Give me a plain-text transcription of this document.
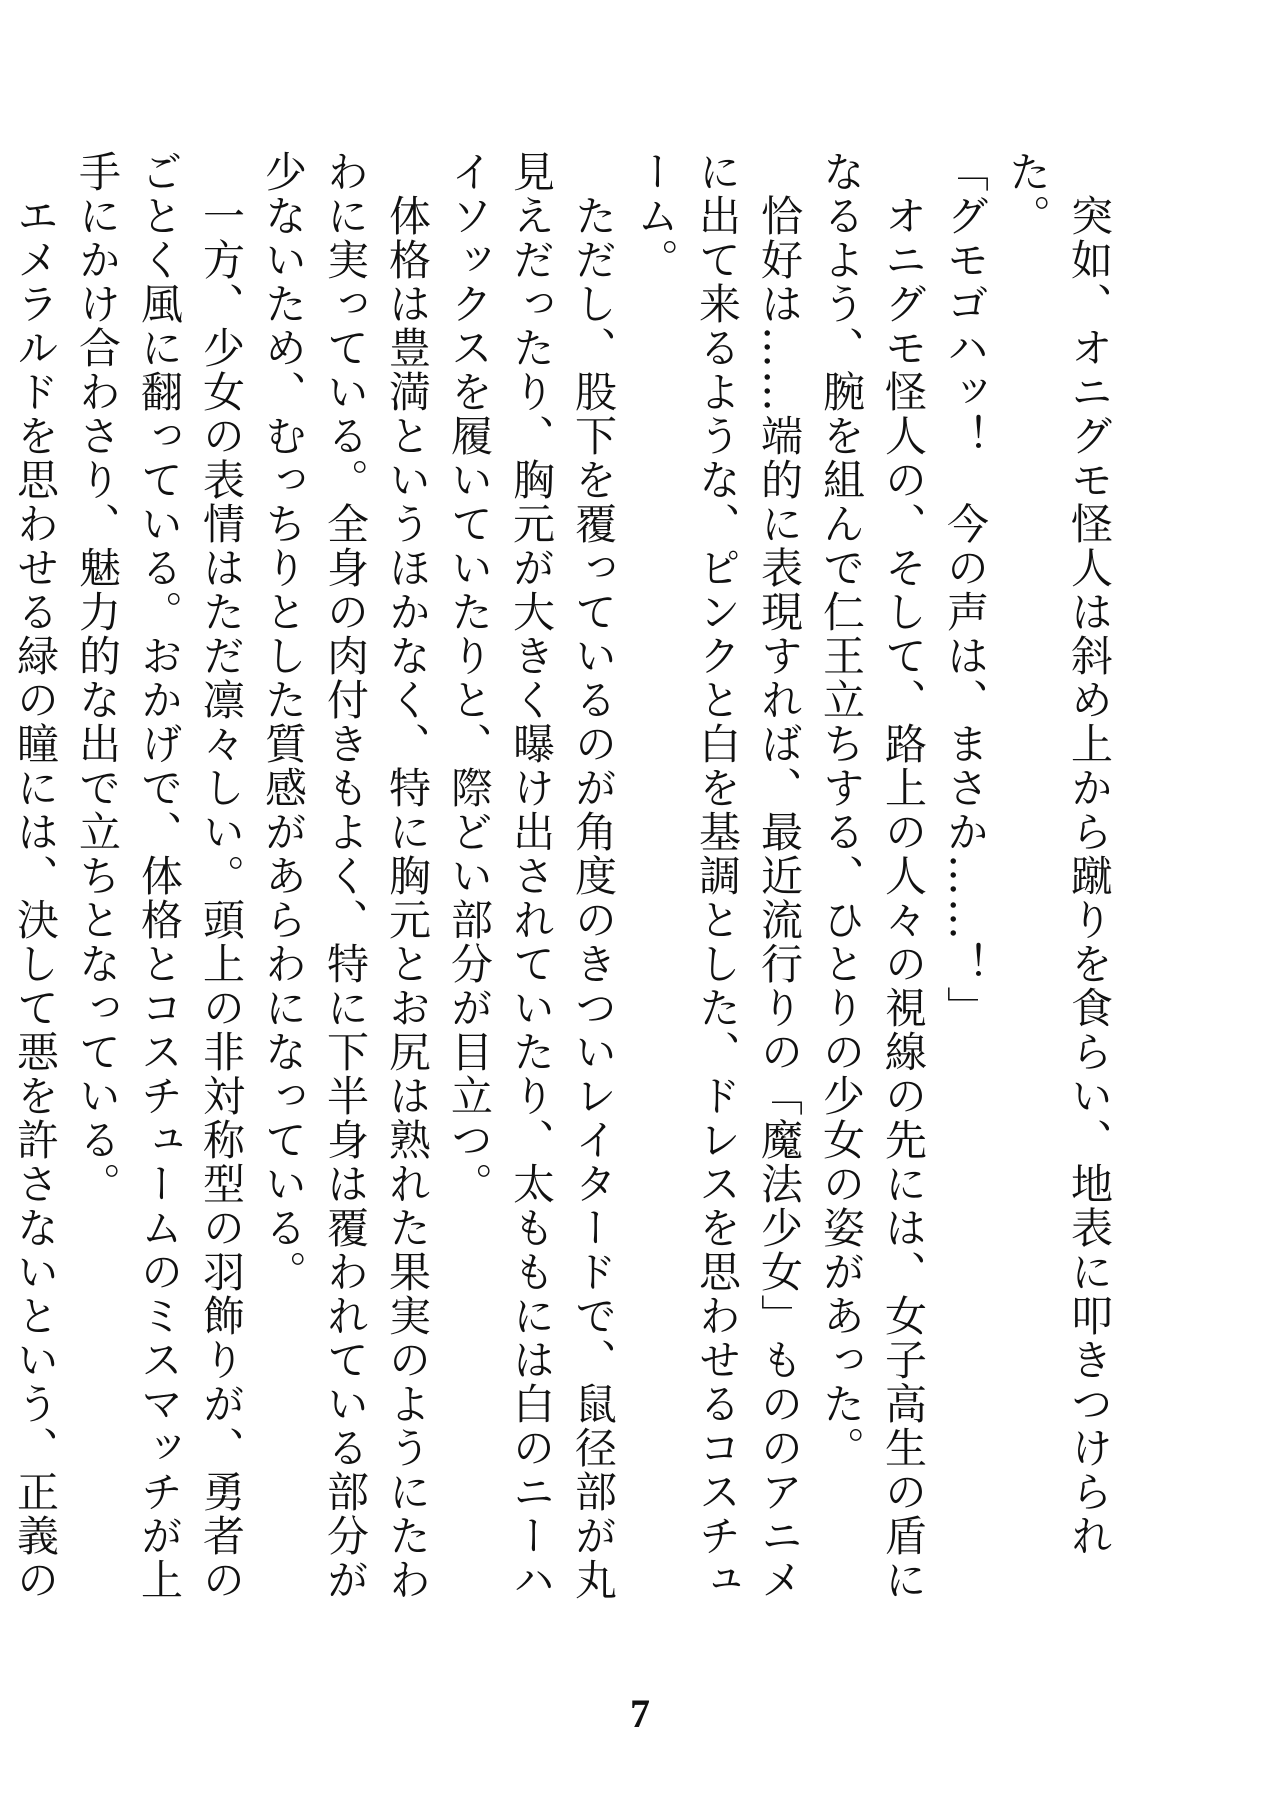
　突如、オニグモ怪人は斜め上から蹴りを食らい、地表に叩きつけられた。

「グモゴハッ！　今の声は、まさか……！」

　オニグモ怪人の、そして、路上の人々の視線の先には、女子高生の盾になるよう、腕を組んで仁王立ちする、ひとりの少女の姿があった。

　恰好は……端的に表現すれば、最近流行りの「魔法少女」もののアニメに出て来るような、ピンクと白を基調とした、ドレスを思わせるコスチューム。

　ただし、股下を覆っているのが角度のきついレイタードで、鼠径部が丸見えだったり、胸元が大きく曝け出されていたり、太ももには白のニーハイソックスを履いていたりと、際どい部分が目立つ。

　体格は豊満というほかなく、特に胸元とお尻は熟れた果実のようにたわわに実っている。全身の肉付きもよく、特に下半身は覆われている部分が少ないため、むっちりとした質感があらわになっている。

　一方、少女の表情はただ凛々しい。頭上の非対称型の羽飾りが、勇者のごとく風に翻っている。おかげで、体格とコスチュームのミスマッチが上手にかけ合わさり、魅力的な出で立ちとなっている。

　エメラルドを思わせる緑の瞳には、決して悪を許さないという、正義の

7
